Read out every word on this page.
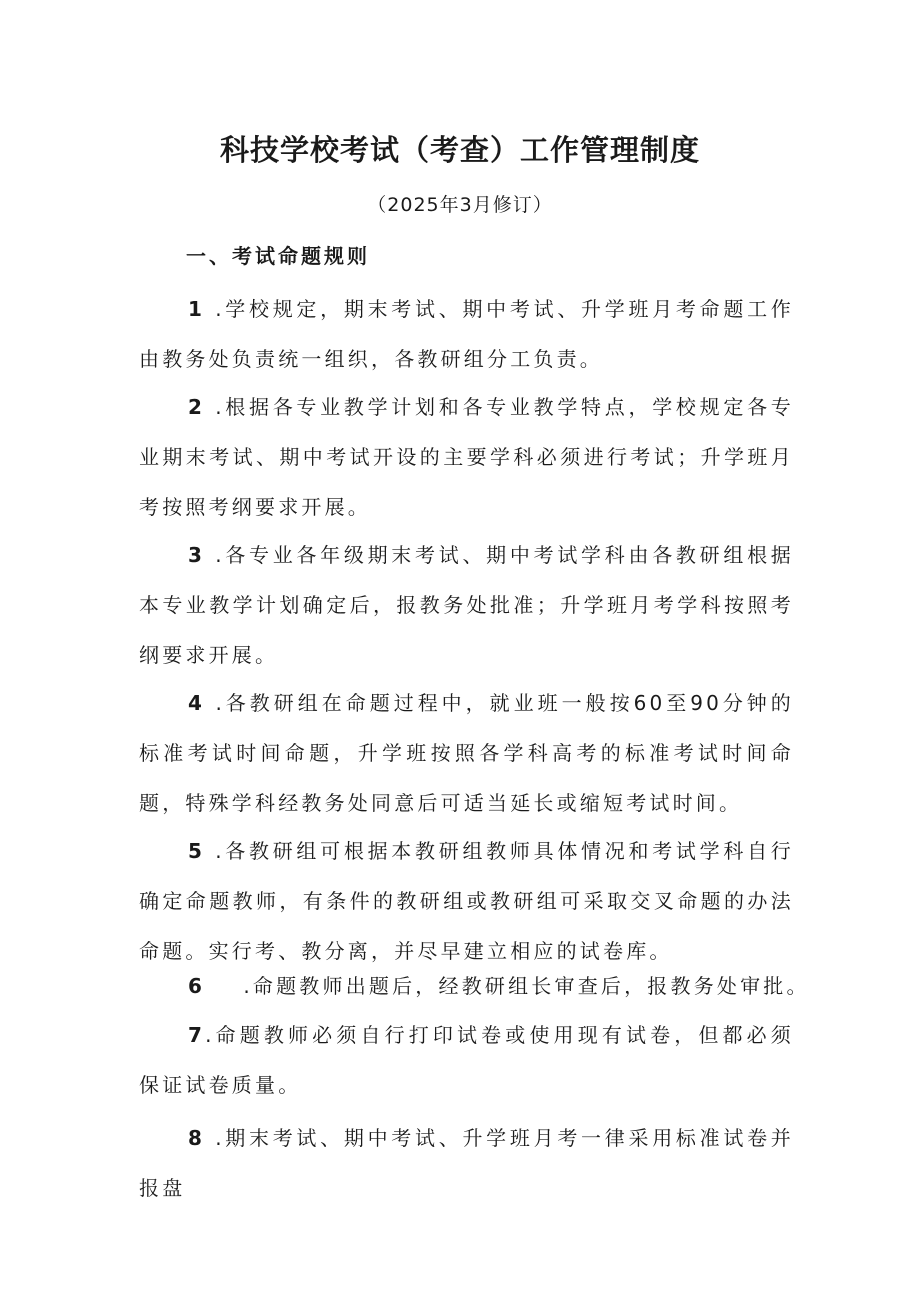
科技学校考试（考查）工作管理制度
（2025年3月修订）
一、考试命题规则
1 .学校规定，期末考试、期中考试、升学班月考命题工作由教务处负责统一组织，各教研组分工负责。
2 .根据各专业教学计划和各专业教学特点，学校规定各专业期末考试、期中考试开设的主要学科必须进行考试；升学班月考按照考纲要求开展。
3 .各专业各年级期末考试、期中考试学科由各教研组根据本专业教学计划确定后，报教务处批准；升学班月考学科按照考纲要求开展。
4 .各教研组在命题过程中，就业班一般按60至90分钟的标准考试时间命题，升学班按照各学科高考的标准考试时间命题，特殊学科经教务处同意后可适当延长或缩短考试时间。
5 .各教研组可根据本教研组教师具体情况和考试学科自行确定命题教师，有条件的教研组或教研组可采取交叉命题的办法命题。实行考、教分离，并尽早建立相应的试卷库。
6    .命题教师出题后，经教研组长审查后，报教务处审批。
7.命题教师必须自行打印试卷或使用现有试卷，但都必须保证试卷质量。
8 .期末考试、期中考试、升学班月考一律采用标准试卷并报盘
